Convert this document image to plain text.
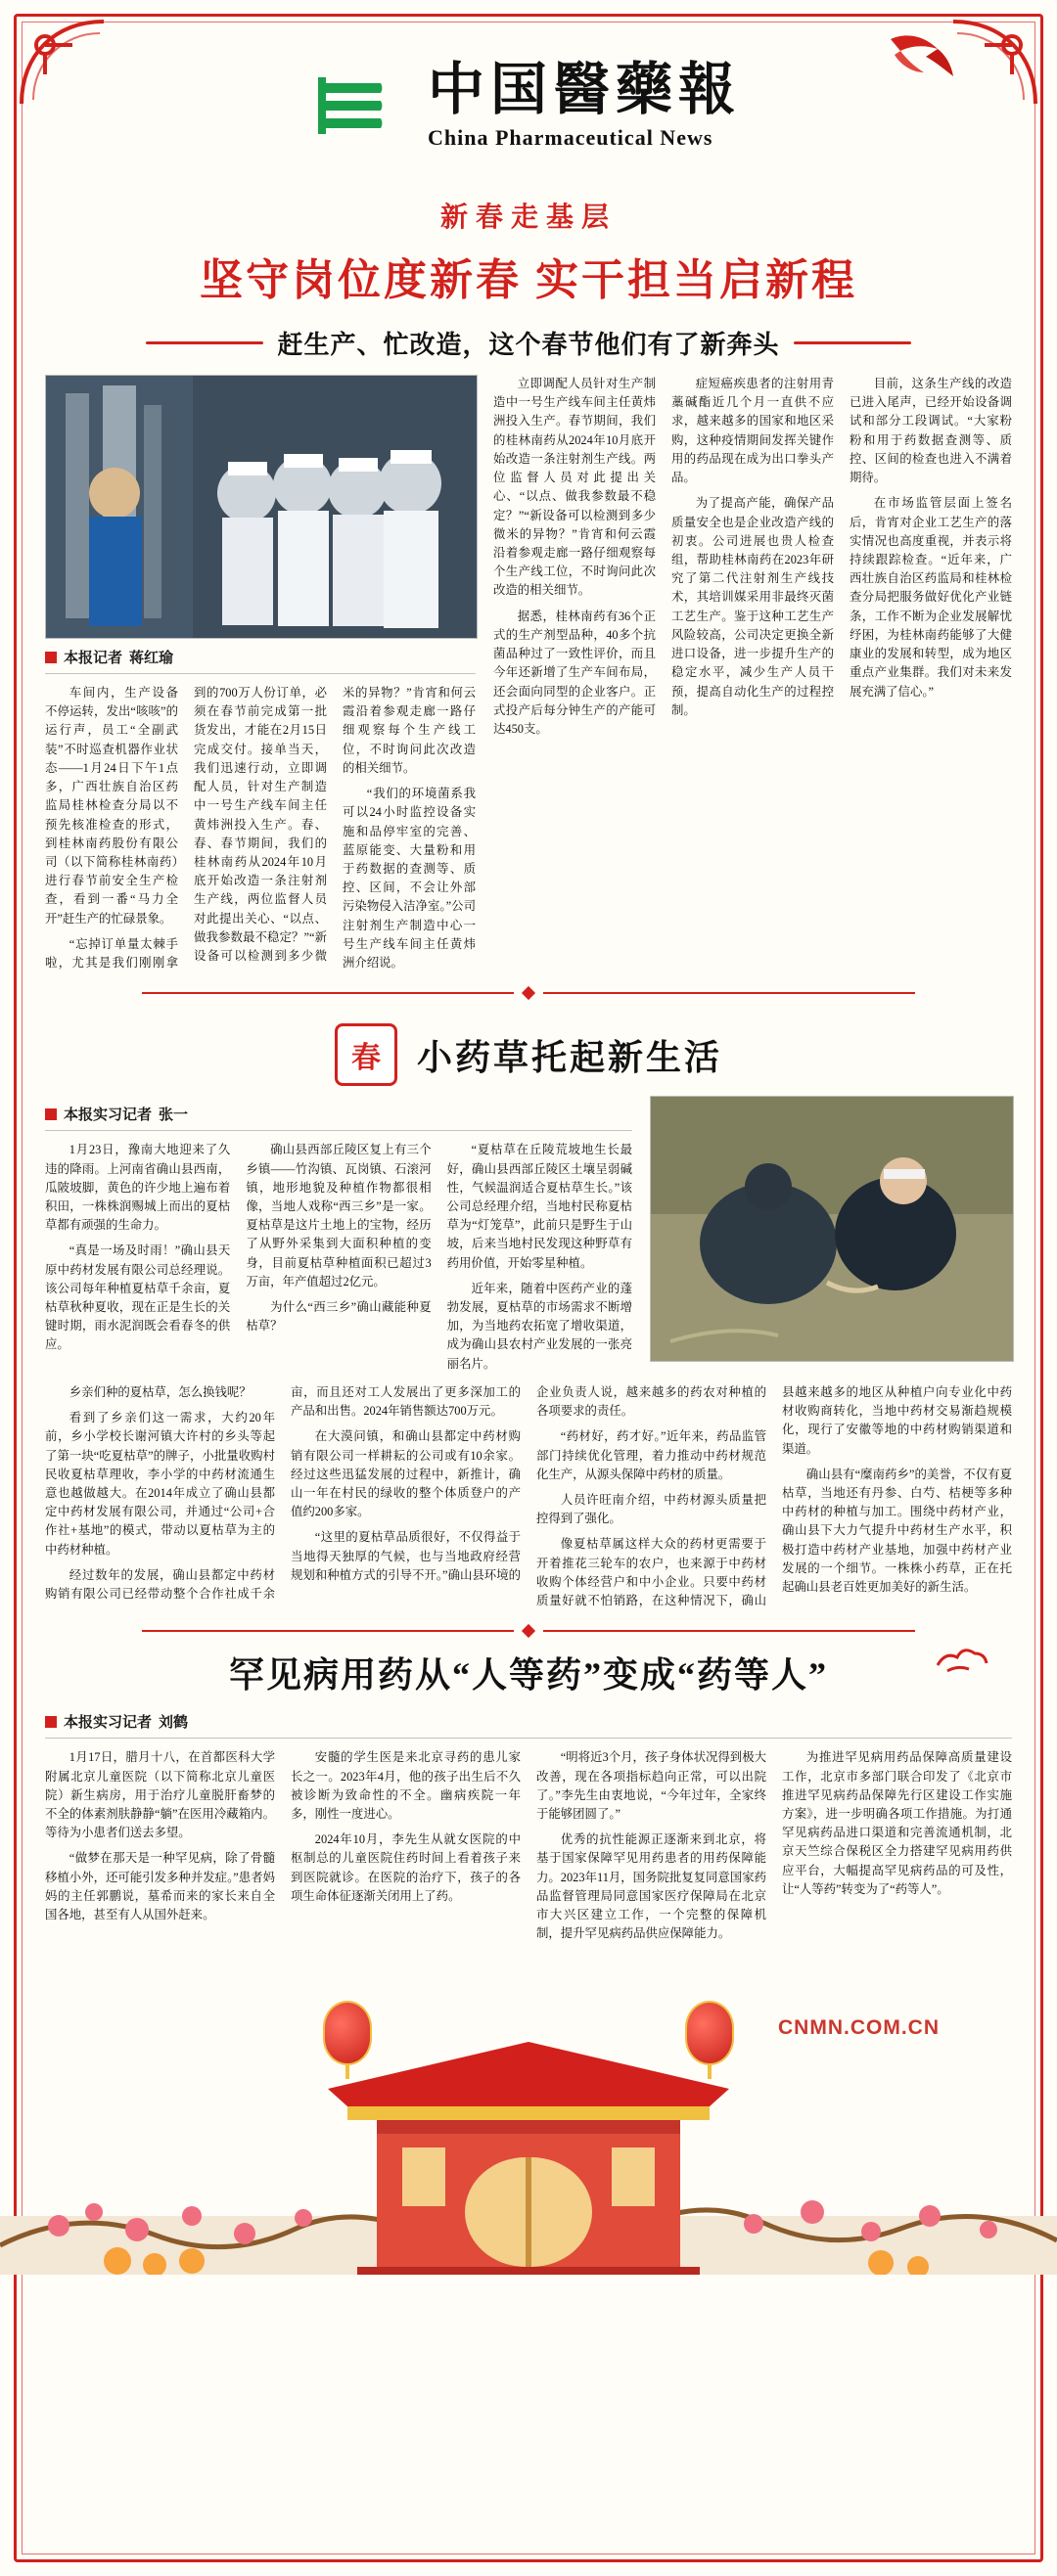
中国醫藥報
China Pharmaceutical News
新春走基层
坚守岗位度新春 实干担当启新程
赶生产、忙改造，这个春节他们有了新奔头
本报记者 蒋红瑜

车间内，生产设备不停运转，发出“咳咳”的运行声，员工“全副武装”不时巡查机器作业状态——1月24日下午1点多，广西壮族自治区药监局桂林检查分局以不预先核准检查的形式，到桂林南药股份有限公司（以下简称桂林南药）进行春节前安全生产检查，看到一番“马力全开”赶生产的忙碌景象。

“忘掉订单量太棘手啦，尤其是我们刚刚拿到的700万人份订单，必须在春节前完成第一批货发出，才能在2月15日完成交付。接单当天，我们迅速行动，立即调配人员，针对生产制造中一号生产线车间主任黄炜洲投入生产。春、春、春节期间，我们的桂林南药从2024年10月底开始改造一条注射剂生产线，两位监督人员对此提出关心、“以点、做我参数最不稳定？”“新设备可以检测到多少微米的异物？”肯宵和何云霞沿着参观走廊一路仔细观察每个生产线工位，不时询问此次改造的相关细节。

“我们的环境菌系我可以24小时监控设备实施和品停牢室的完善、蓝原能变、大量粉和用于药数据的查测等、质控、区间，不会让外部污染物侵入洁净室。”公司注射剂生产制造中心一号生产线车间主任黄炜洲介绍说。

立即调配人员针对生产制造中一号生产线车间主任黄炜洲投入生产。春节期间，我们的桂林南药从2024年10月底开始改造一条注射剂生产线。两位监督人员对此提出关心、“以点、做我参数最不稳定？”“新设备可以检测到多少微米的异物？”肯宵和何云霞沿着参观走廊一路仔细观察每个生产线工位，不时询问此次改造的相关细节。

据悉，桂林南药有36个正式的生产剂型品种，40多个抗菌品种过了一致性评价，而且今年还新增了生产车间布局，还会面向同型的企业客户。正式投产后每分钟生产的产能可达450支。

症短癌疾患者的注射用青藁碱酯近几个月一直供不应求，越来越多的国家和地区采购，这种疫情期间发挥关键作用的药品现在成为出口拳头产品。

为了提高产能，确保产品质量安全也是企业改造产线的初衷。公司进展也贵人检查组，帮助桂林南药在2023年研究了第二代注射剂生产线技术，其培训媒采用非最终灭菌工艺生产。鉴于这种工艺生产风险较高，公司决定更换全新进口设备，进一步提升生产的稳定水平，减少生产人员干预，提高自动化生产的过程控制。

目前，这条生产线的改造已进入尾声，已经开始设备调试和部分工段调试。“大家粉粉和用于药数据查测等、质控、区间的检查也进入不满着期待。

在市场监管层面上签名后，肯宵对企业工艺生产的落实情况也高度重视，并表示将持续跟踪检查。“近年来，广西壮族自治区药监局和桂林检查分局把服务做好优化产业链条，工作不断为企业发展解忧纾困，为桂林南药能够了大健康业的发展和转型，成为地区重点产业集群。我们对未来发展充满了信心。”

春	小药草托起新生活
本报实习记者 张一

1月23日，豫南大地迎来了久违的降雨。上河南省确山县西南，瓜陂坡脚，黄色的许少地上遍布着积田，一株株润赐城上而出的夏枯草都有顽强的生命力。

“真是一场及时雨！”确山县天原中药材发展有限公司总经理说。该公司每年种植夏枯草千余亩，夏枯草秋种夏收，现在正是生长的关键时期，雨水泥润既会看春冬的供应。

确山县西部丘陵区复上有三个乡镇——竹沟镇、瓦岗镇、石滚河镇，地形地貌及种植作物都很相像，当地人戏称“西三乡”是一家。夏枯草是这片土地上的宝物，经历了从野外采集到大面积种植的变身，目前夏枯草种植面积已超过3万亩，年产值超过2亿元。

为什么“西三乡”确山藏能种夏枯草？

“夏枯草在丘陵荒坡地生长最好，确山县西部丘陵区土壤呈弱碱性，气候温润适合夏枯草生长。”该公司总经理介绍，当地村民称夏枯草为“灯笼草”，此前只是野生于山坡，后来当地村民发现这种野草有药用价值，开始零星种植。

近年来，随着中医药产业的蓬勃发展，夏枯草的市场需求不断增加，为当地药农拓宽了增收渠道，成为确山县农村产业发展的一张亮丽名片。

乡亲们种的夏枯草，怎么换钱呢？

看到了乡亲们这一需求，大约20年前，乡小学校长谢河镇大许村的乡头等起了第一块“吃夏枯草”的牌子，小批量收购村民收夏枯草理收，李小学的中药材流通生意也越做越大。在2014年成立了确山县都定中药材发展有限公司，并通过“公司+合作社+基地”的模式，带动以夏枯草为主的中药材种植。

经过数年的发展，确山县都定中药材购销有限公司已经带动整个合作社成千余亩，而且还对工人发展出了更多深加工的产品和出售。2024年销售额达700万元。

在大漠问镇，和确山县都定中药材购销有限公司一样耕耘的公司或有10余家。经过这些迅猛发展的过程中，新推计，确山一年在村民的绿收的整个体质登户的产值约200多家。

“这里的夏枯草品质很好，不仅得益于当地得天独厚的气候，也与当地政府经营规划和种植方式的引导不开。”确山县环境的企业负责人说，越来越多的药农对种植的各项要求的责任。

“药材好，药才好。”近年来，药品监管部门持续优化管理，着力推动中药材规范化生产，从源头保障中药材的质量。

人员许旺南介绍，中药材源头质量把控得到了强化。

像夏枯草属这样大众的药材更需要于开着推花三轮车的农户，也来源于中药材收购个体经营户和中小企业。只要中药材质量好就不怕销路，在这种情况下，确山县越来越多的地区从种植户向专业化中药材收购商转化，当地中药材交易渐趋规模化，现行了安徽等地的中药材购销渠道和渠道。

确山县有“糜南药乡”的美誉，不仅有夏枯草，当地还有丹参、白芍、桔梗等多种中药材的种植与加工。围绕中药材产业，确山县下大力气提升中药材生产水平，积极打造中药材产业基地，加强中药材产业发展的一个细节。一株株小药草，正在托起确山县老百姓更加美好的新生活。

罕见病用药从“人等药”变成“药等人”
本报实习记者 刘鹤

1月17日，腊月十八，在首都医科大学附属北京儿童医院（以下简称北京儿童医院）新生病房，用于治疗儿童脱肝畜梦的不全的体素剂肤静静“躺”在医用冷藏箱内。等待为小患者们送去多望。

“做梦在那天是一种罕见病，除了骨髓移植小外，还可能引发多种并发症。”患者妈妈的主任郭鹏说，墓希而来的家长来自全国各地，甚至有人从国外赶来。

安髓的学生医是来北京寻药的患儿家长之一。2023年4月，他的孩子出生后不久被诊断为致命性的不全。幽病疾院一年多，刚性一度进心。

2024年10月，李先生从就女医院的中枢制总的儿童医院住药时间上看着孩子来到医院就诊。在医院的治疗下，孩子的各项生命体征逐渐关闭用上了药。

“明将近3个月，孩子身体状况得到极大改善，现在各项指标趋向正常，可以出院了。”李先生由衷地说，“今年过年，全家终于能够团圆了。”

优秀的抗性能源正逐渐来到北京，将基于国家保障罕见用药患者的用药保障能力。2023年11月，国务院批复复同意国家药品监督管理局同意国家医疗保障局在北京市大兴区建立工作，一个完整的保障机制，提升罕见病药品供应保障能力。

为推进罕见病用药品保障高质量建设工作，北京市多部门联合印发了《北京市推进罕见病药品保障先行区建设工作实施方案》，进一步明确各项工作措施。为打通罕见病药品进口渠道和完善流通机制，北京天竺综合保税区全力搭建罕见病用药供应平台，大幅提高罕见病药品的可及性，让“人等药”转变为了“药等人”。

CNMN.COM.CN
